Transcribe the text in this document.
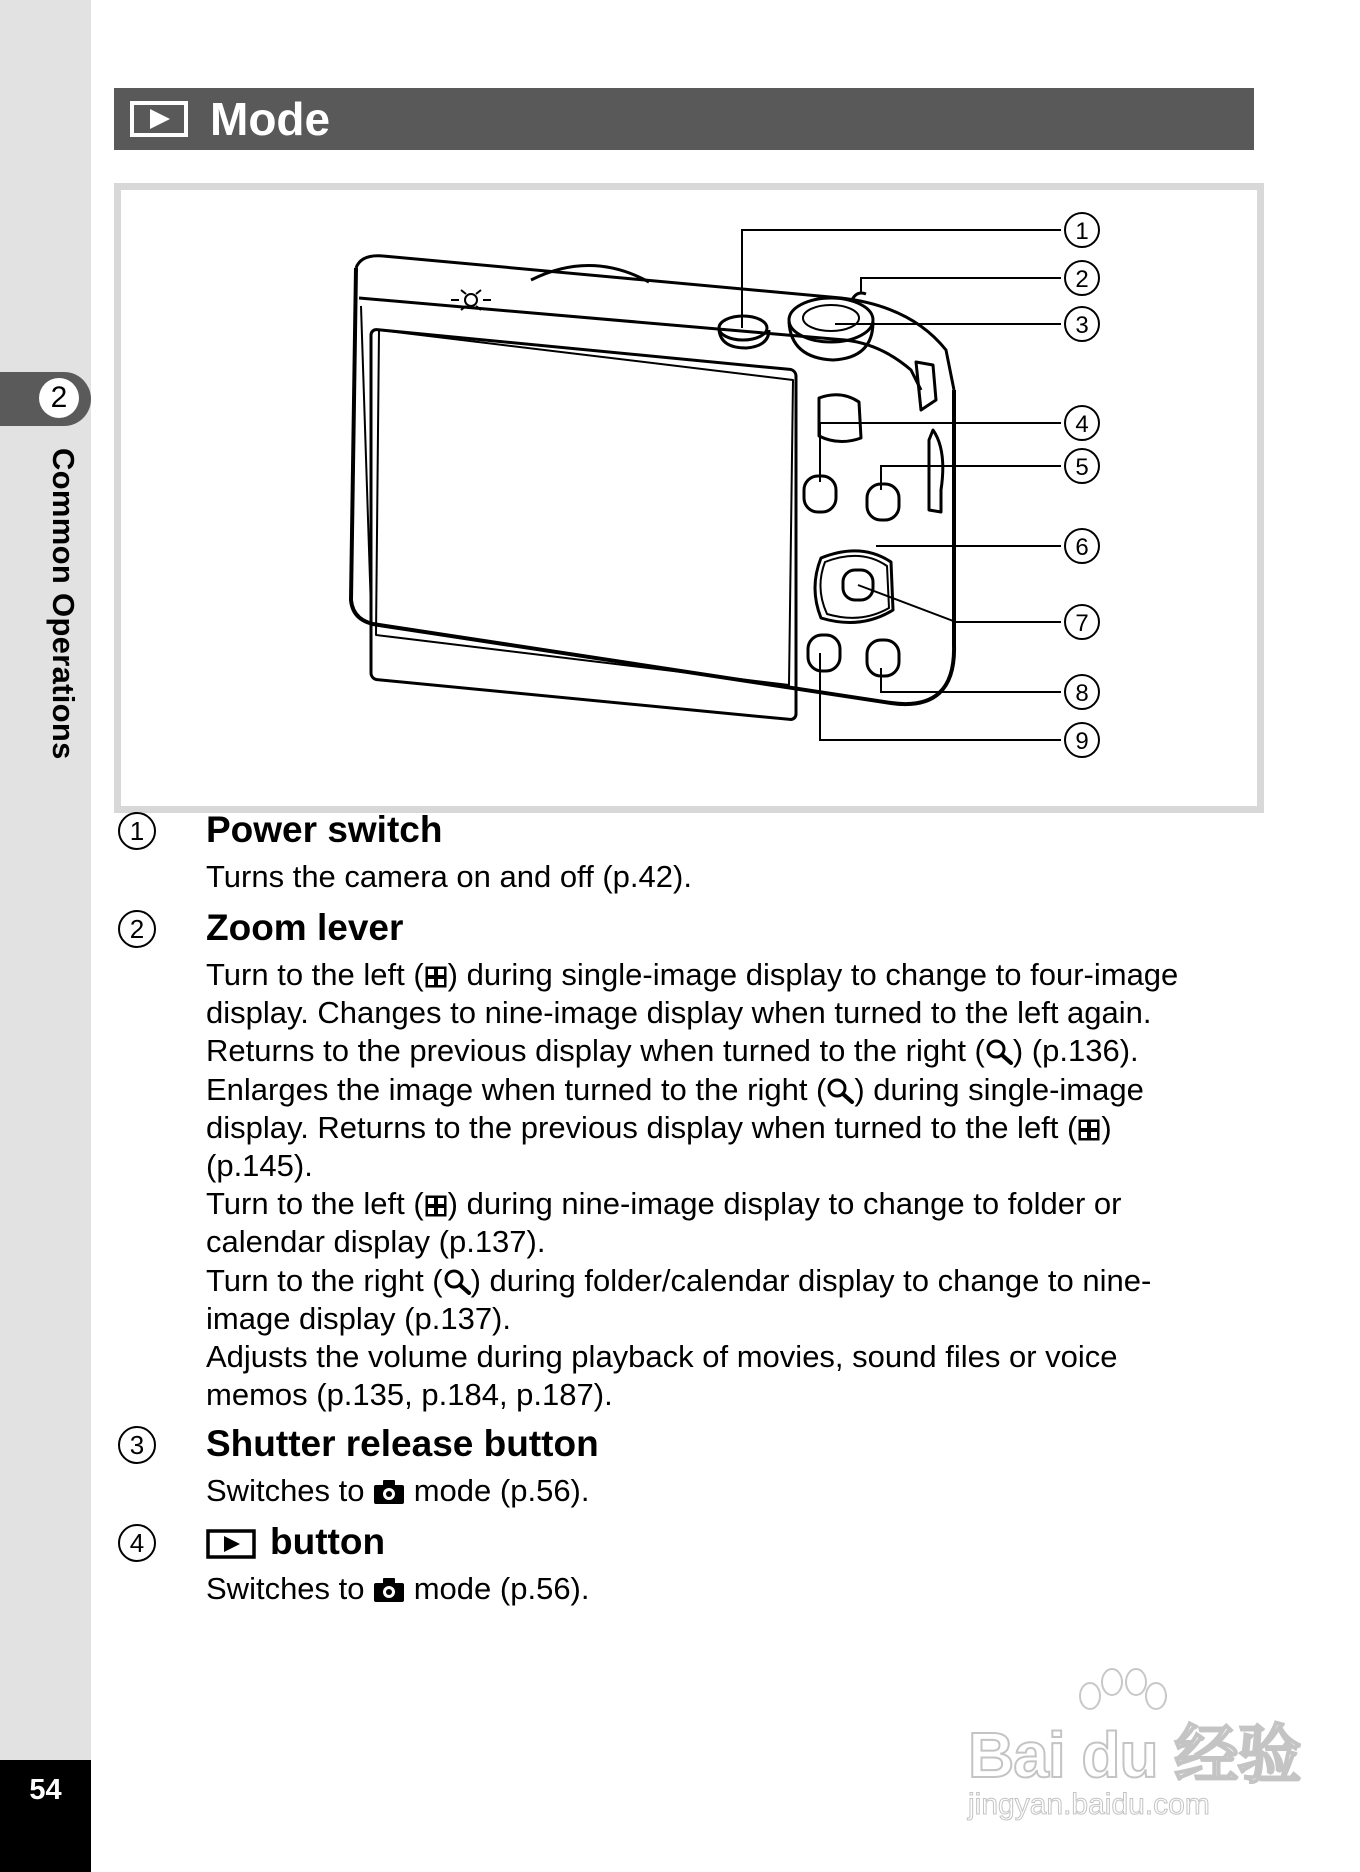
2
Common Operations
54
Mode
1
2
3
4
5
6
7
8
9
1	Power switch

Turns the camera on and off (p.42).

2	Zoom lever

Turn to the left ( ) during single-image display to change to four-image

display. Changes to nine-image display when turned to the left again.

Returns to the previous display when turned to the right ( ) (p.136).

Enlarges the image when turned to the right ( ) during single-image

display. Returns to the previous display when turned to the left ( )

(p.145).

Turn to the left ( ) during nine-image display to change to folder or

calendar display (p.137).

Turn to the right ( ) during folder/calendar display to change to nine-

image display (p.137).

Adjusts the volume during playback of movies, sound files or voice

memos (p.135, p.184, p.187).

3	Shutter release button

Switches to  mode (p.56).

4	button

Switches to  mode (p.56).

Bai du 经验
jingyan.baidu.com
